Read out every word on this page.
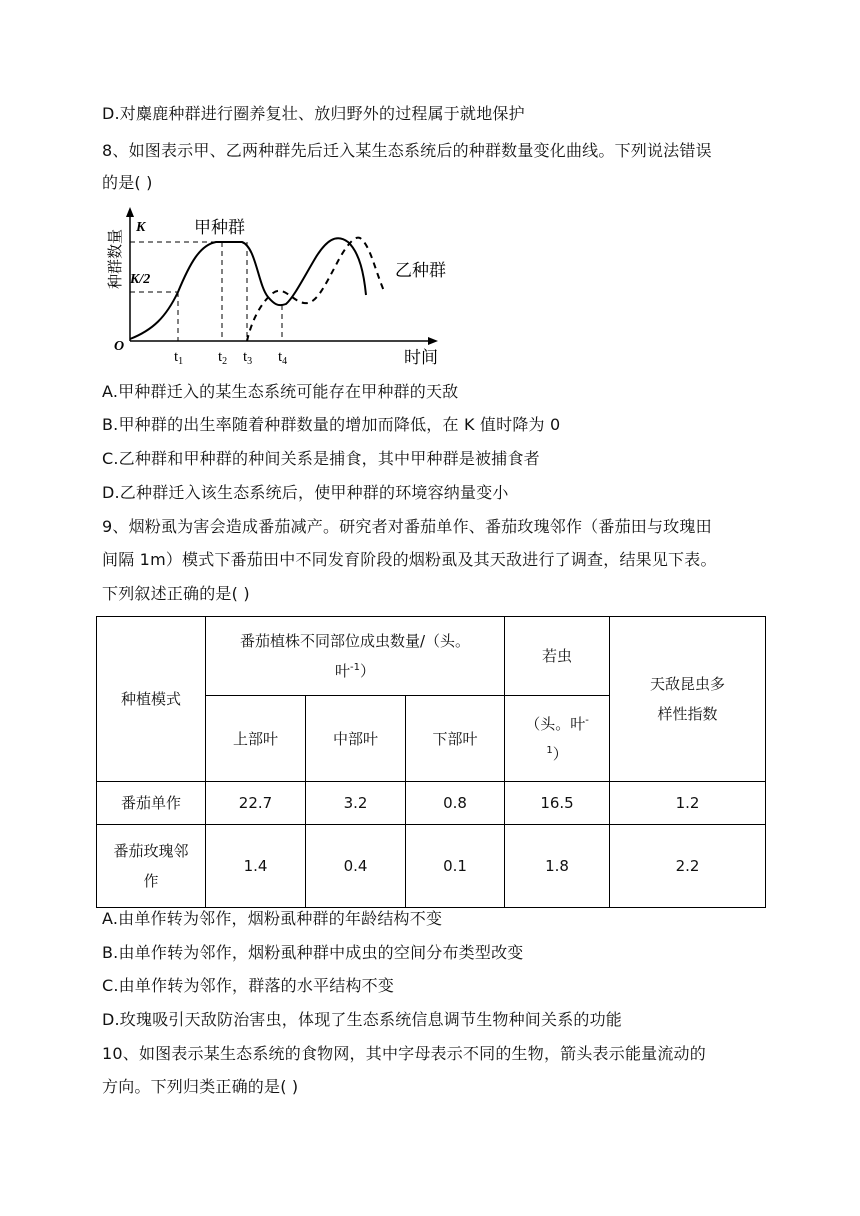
D.对麋鹿种群进行圈养复壮、放归野外的过程属于就地保护
8、如图表示甲、乙两种群先后迁入某生态系统后的种群数量变化曲线。下列说法错误
的是( )
K
K/2
O
甲种群
乙种群
时间
种群数量
$t_1$ $t_2$ $t_3$ $t_4$
A.甲种群迁入的某生态系统可能存在甲种群的天敌
B.甲种群的出生率随着种群数量的增加而降低，在 K 值时降为 0
C.乙种群和甲种群的种间关系是捕食，其中甲种群是被捕食者
D.乙种群迁入该生态系统后，使甲种群的环境容纳量变小
9、烟粉虱为害会造成番茄减产。研究者对番茄单作、番茄玫瑰邻作（番茄田与玫瑰田
间隔 1m）模式下番茄田中不同发育阶段的烟粉虱及其天敌进行了调查，结果见下表。
下列叙述正确的是( )
种植模式	番茄植株不同部位成虫数量/（头。
叶$^{-1}$）			若虫	天敌昆虫多样性指数
	上部叶	中部叶	下部叶	（头。叶-
$^1$）	
番茄单作	22.7	3.2	0.8	16.5	1.2
番茄玫瑰邻作	1.4	0.4	0.1	1.8	2.2
A.由单作转为邻作，烟粉虱种群的年龄结构不变
B.由单作转为邻作，烟粉虱种群中成虫的空间分布类型改变
C.由单作转为邻作，群落的水平结构不变
D.玫瑰吸引天敌防治害虫，体现了生态系统信息调节生物种间关系的功能
10、如图表示某生态系统的食物网，其中字母表示不同的生物，箭头表示能量流动的
方向。下列归类正确的是( )
